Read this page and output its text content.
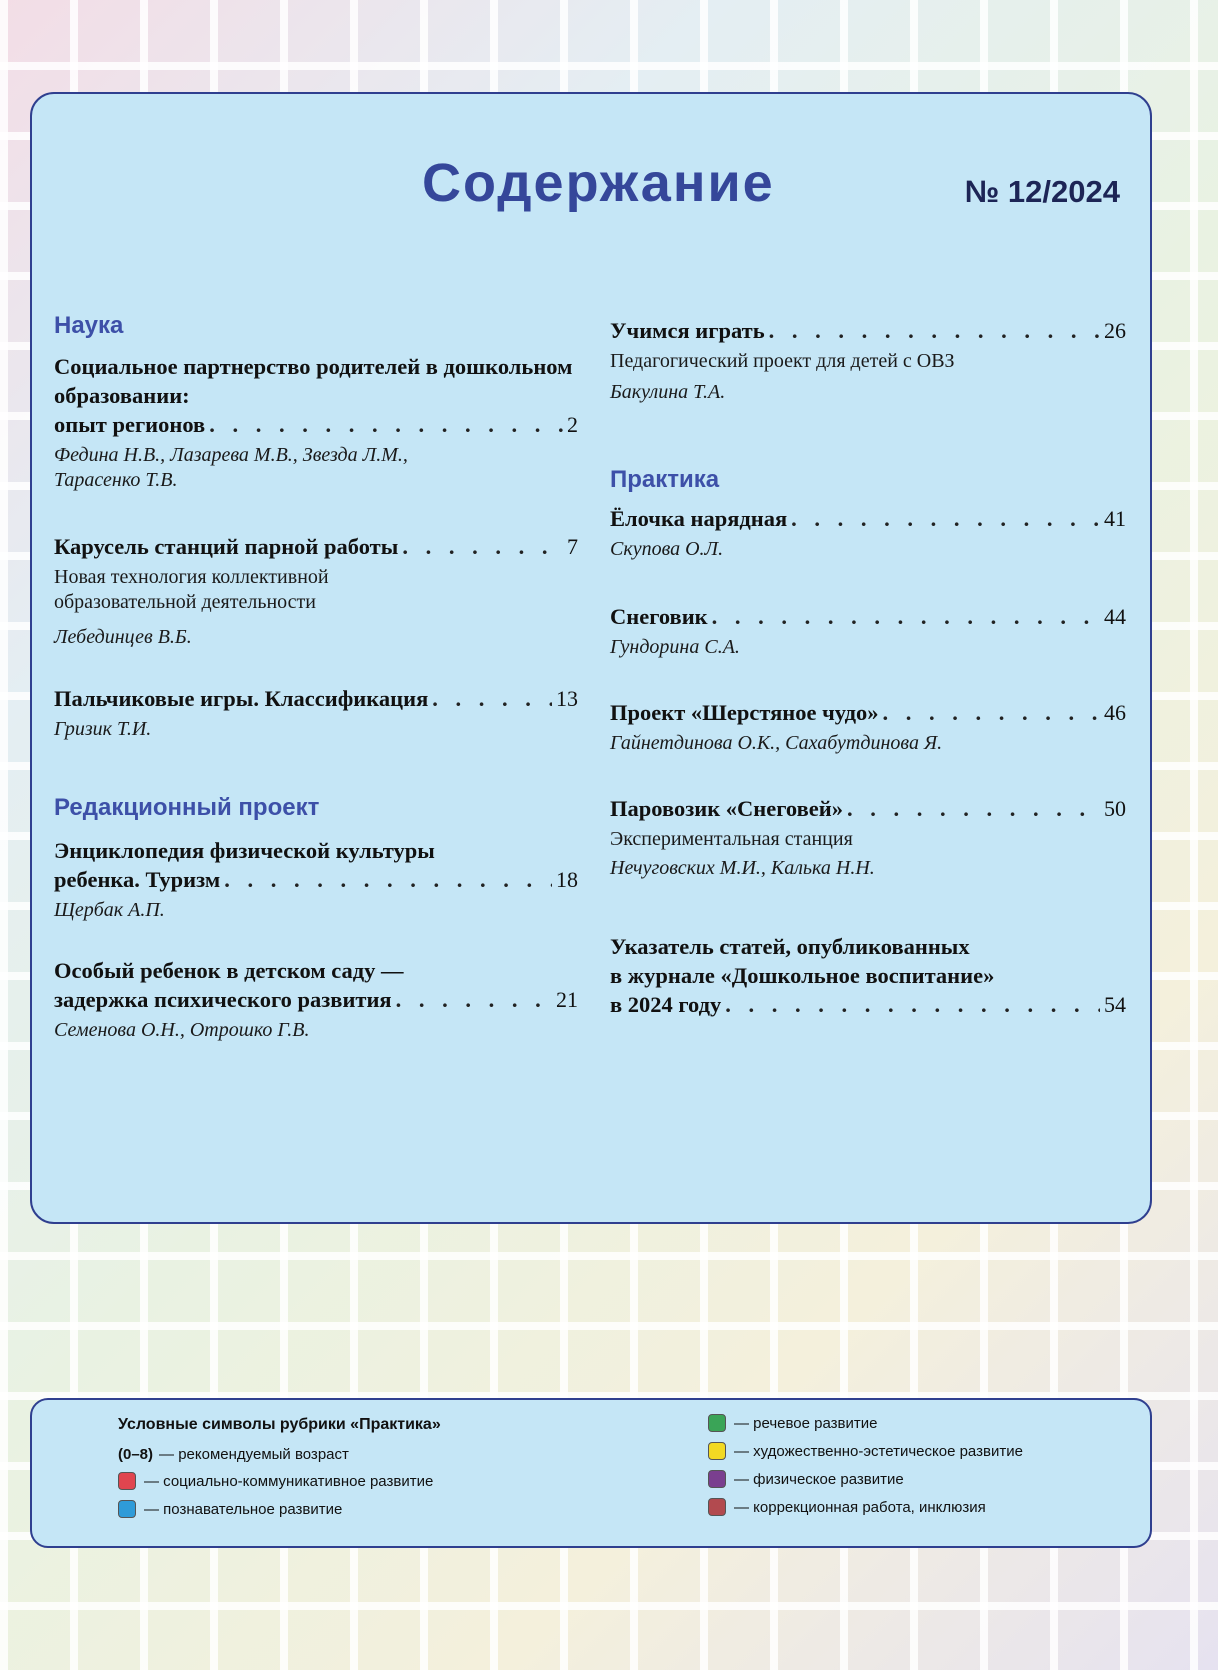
Содержание	№ 12/2024
Наука
Социальное партнерство родителей в дошкольном образовании:
опыт регионов . . .	2
Федина Н.В., Лазарева М.В., Звезда Л.М.,
Тарасенко Т.В.
Карусель станций парной работы . . .	7
Новая технология коллективной
образовательной деятельности
Лебединцев В.Б.
Пальчиковые игры. Классификация . . .	13
Гризик Т.И.
Редакционный проект
Энциклопедия физической культуры
ребенка. Туризм . . .	18
Щербак А.П.
Особый ребенок в детском саду —
задержка психического развития . . .	21
Семенова О.Н., Отрошко Г.В.
Учимся играть . . .	26
Педагогический проект для детей с ОВЗ
Бакулина Т.А.
Практика
Ёлочка нарядная . . .	41
Скупова О.Л.
Снеговик . . .	44
Гундорина С.А.
Проект «Шерстяное чудо» . . .	46
Гайнетдинова О.К., Сахабутдинова Я.
Паровозик «Снеговей» . . .	50
Экспериментальная станция
Нечуговских М.И., Калька Н.Н.
Указатель статей, опубликованных
в журнале «Дошкольное воспитание»
в 2024 году . . .	54
Условные символы рубрики «Практика»
(0–8) — рекомендуемый возраст
— социально-коммуникативное развитие
— познавательное развитие
— речевое развитие
— художественно-эстетическое развитие
— физическое развитие
— коррекционная работа, инклюзия
